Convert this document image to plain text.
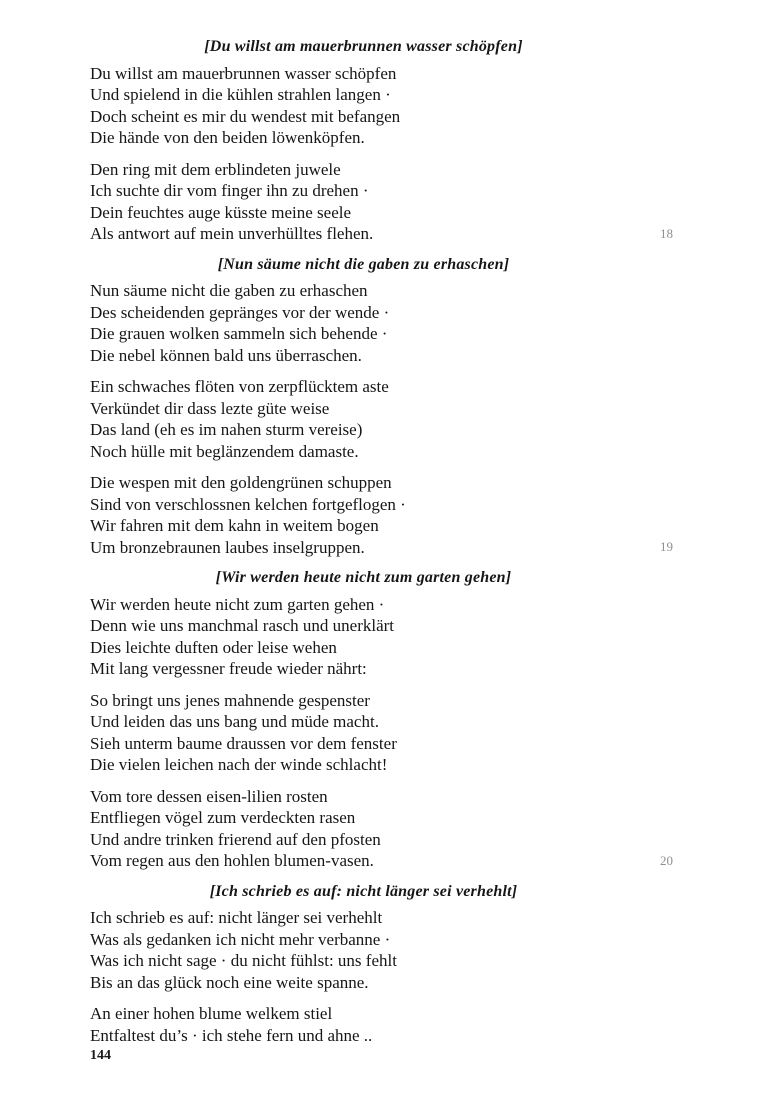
[Du willst am mauerbrunnen wasser schöpfen]

Du willst am mauerbrunnen wasser schöpfen

Und spielend in die kühlen strahlen langen ·

Doch scheint es mir du wendest mit befangen

Die hände von den beiden löwenköpfen.

Den ring mit dem erblindeten juwele

Ich suchte dir vom finger ihn zu drehen ·

Dein feuchtes auge küsste meine seele

Als antwort auf mein unverhülltes flehen.	18
[Nun säume nicht die gaben zu erhaschen]

Nun säume nicht die gaben zu erhaschen

Des scheidenden gepränges vor der wende ·

Die grauen wolken sammeln sich behende ·

Die nebel können bald uns überraschen.

Ein schwaches flöten von zerpflücktem aste

Verkündet dir dass lezte güte weise

Das land (eh es im nahen sturm vereise)

Noch hülle mit beglänzendem damaste.

Die wespen mit den goldengrünen schuppen

Sind von verschlossnen kelchen fortgeflogen ·

Wir fahren mit dem kahn in weitem bogen

Um bronzebraunen laubes inselgruppen.	19
[Wir werden heute nicht zum garten gehen]

Wir werden heute nicht zum garten gehen ·

Denn wie uns manchmal rasch und unerklärt

Dies leichte duften oder leise wehen

Mit lang vergessner freude wieder nährt:

So bringt uns jenes mahnende gespenster

Und leiden das uns bang und müde macht.

Sieh unterm baume draussen vor dem fenster

Die vielen leichen nach der winde schlacht!

Vom tore dessen eisen-lilien rosten

Entfliegen vögel zum verdeckten rasen

Und andre trinken frierend auf den pfosten

Vom regen aus den hohlen blumen-vasen.	20
[Ich schrieb es auf: nicht länger sei verhehlt]

Ich schrieb es auf: nicht länger sei verhehlt

Was als gedanken ich nicht mehr verbanne ·

Was ich nicht sage · du nicht fühlst: uns fehlt

Bis an das glück noch eine weite spanne.

An einer hohen blume welkem stiel

Entfaltest du’s · ich stehe fern und ahne ..

144
